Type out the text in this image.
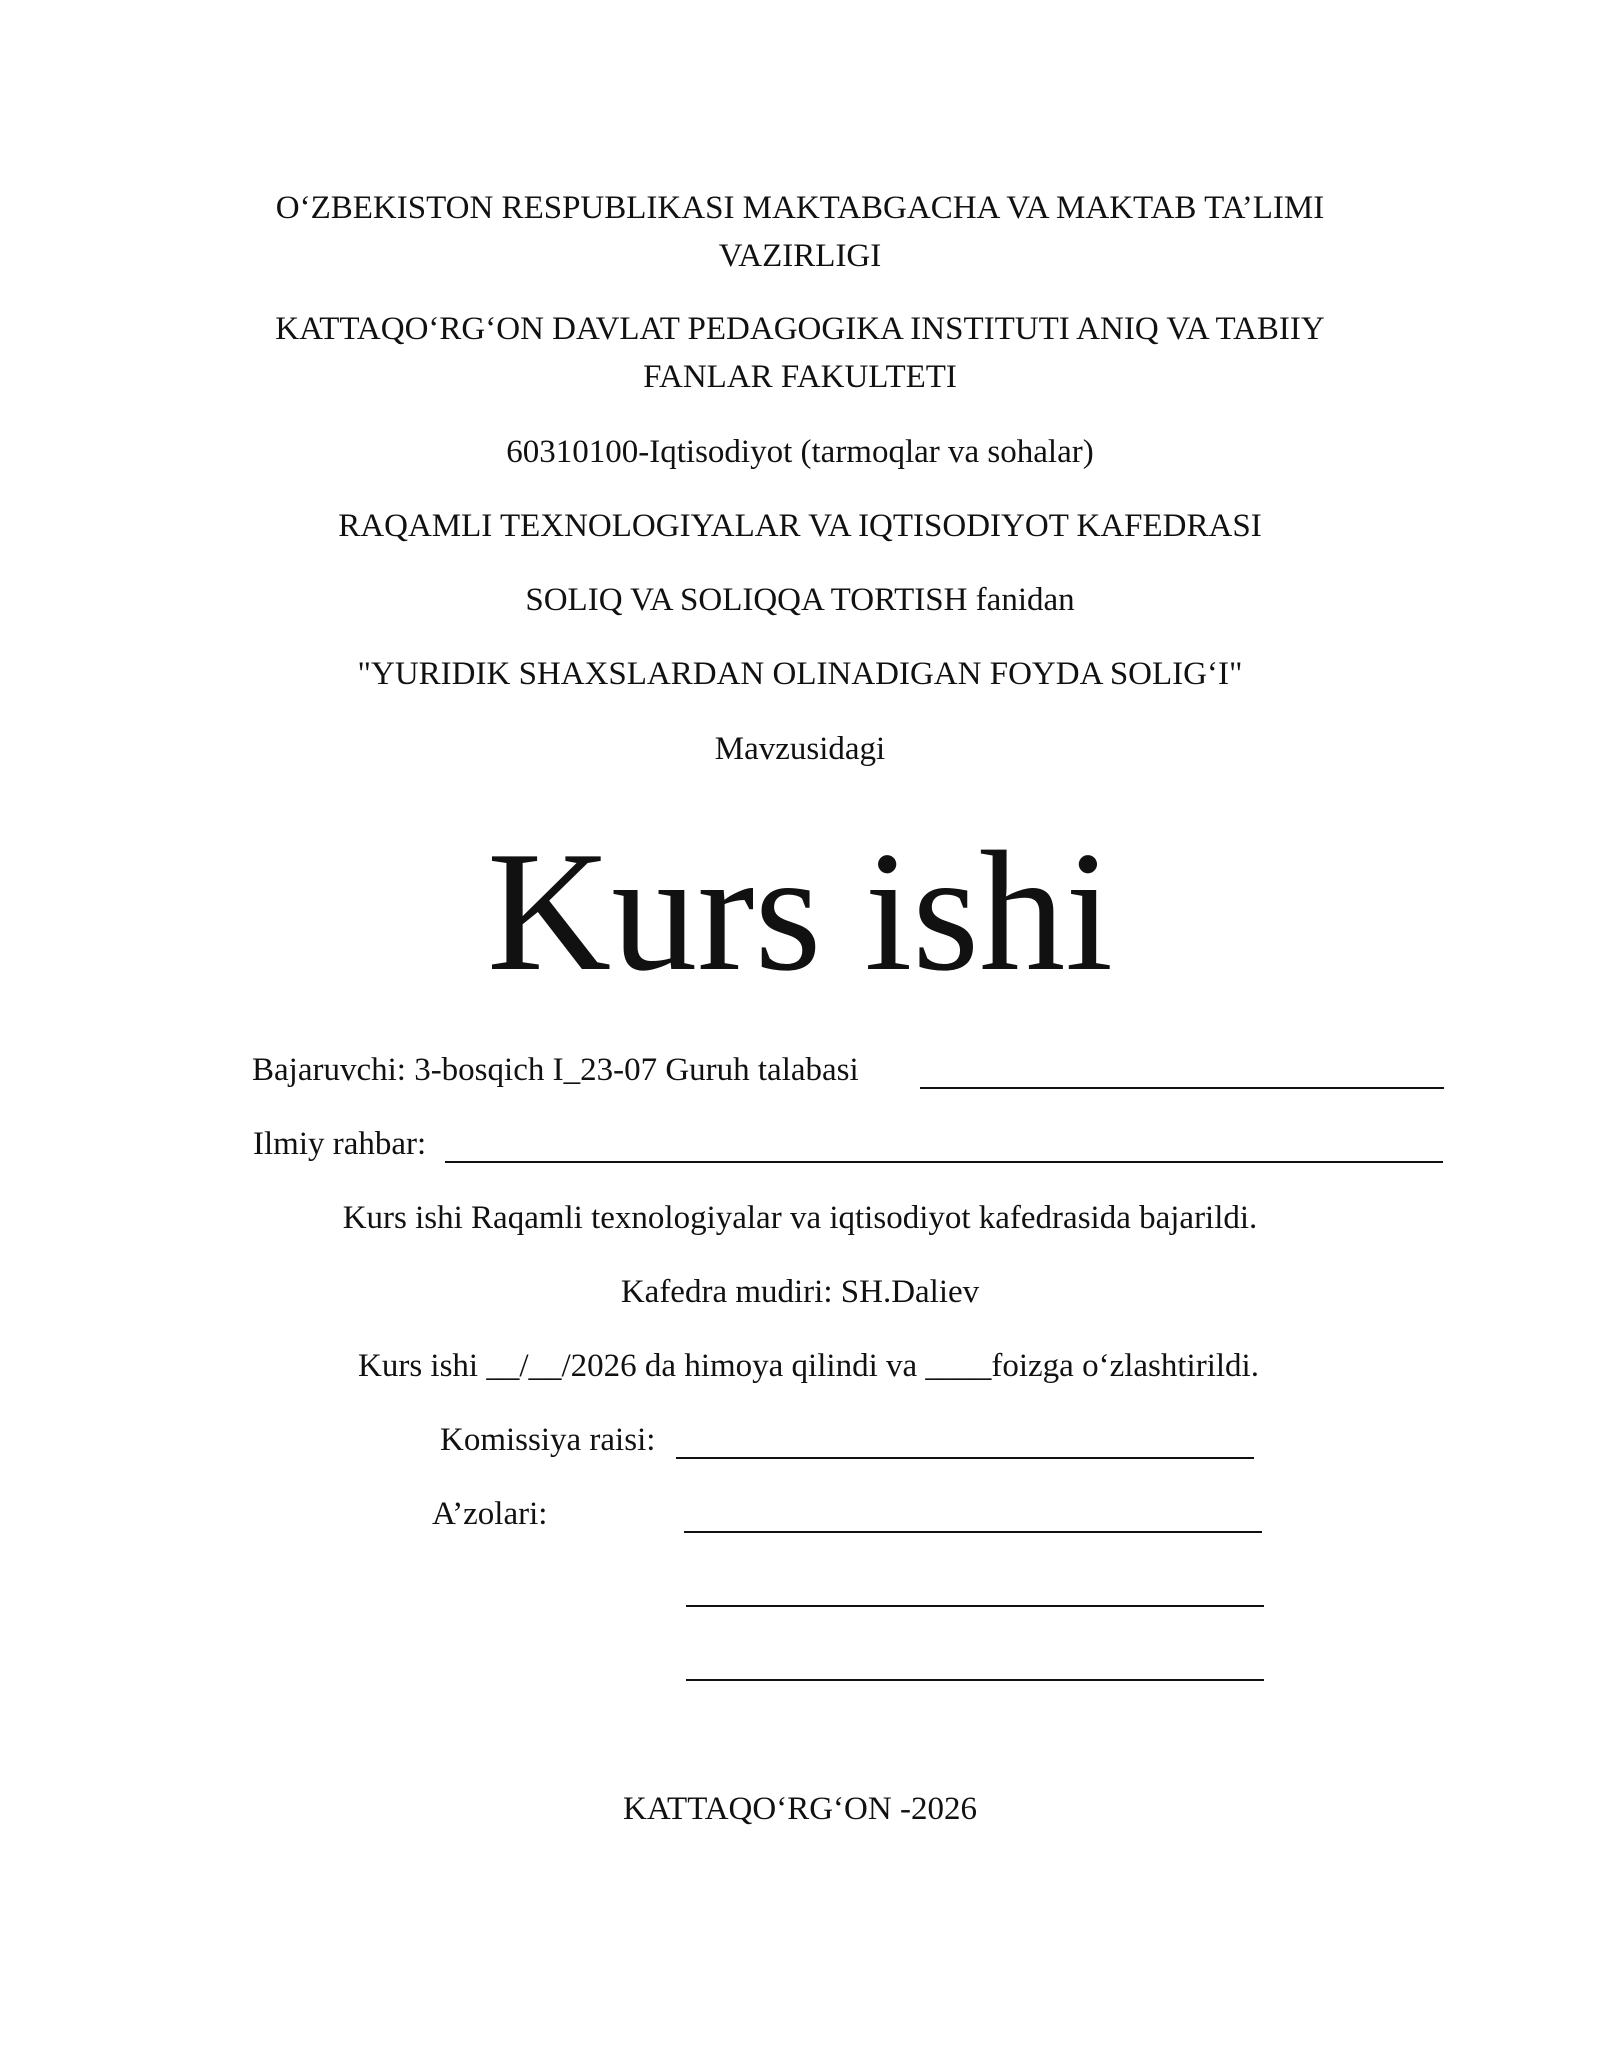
O‘ZBEKISTON RESPUBLIKASI MAKTABGACHA VA MAKTAB TA’LIMI
VAZIRLIGI
KATTAQO‘RG‘ON DAVLAT PEDAGOGIKA INSTITUTI ANIQ VA TABIIY
FANLAR FAKULTETI
60310100-Iqtisodiyot (tarmoqlar va sohalar)
RAQAMLI TEXNOLOGIYALAR VA IQTISODIYOT KAFEDRASI
SOLIQ VA SOLIQQA TORTISH fanidan
"YURIDIK SHAXSLARDAN OLINADIGAN FOYDA SOLIG‘I"
Mavzusidagi
Kurs ishi
Bajaruvchi: 3-bosqich I_23-07 Guruh talabasi
Ilmiy rahbar:
Kurs ishi Raqamli texnologiyalar va iqtisodiyot kafedrasida bajarildi.
Kafedra mudiri: SH.Daliev
Kurs ishi __/__/2026 da himoya qilindi va ____foizga o‘zlashtirildi.
Komissiya raisi:
A’zolari:
KATTAQO‘RG‘ON -2026
